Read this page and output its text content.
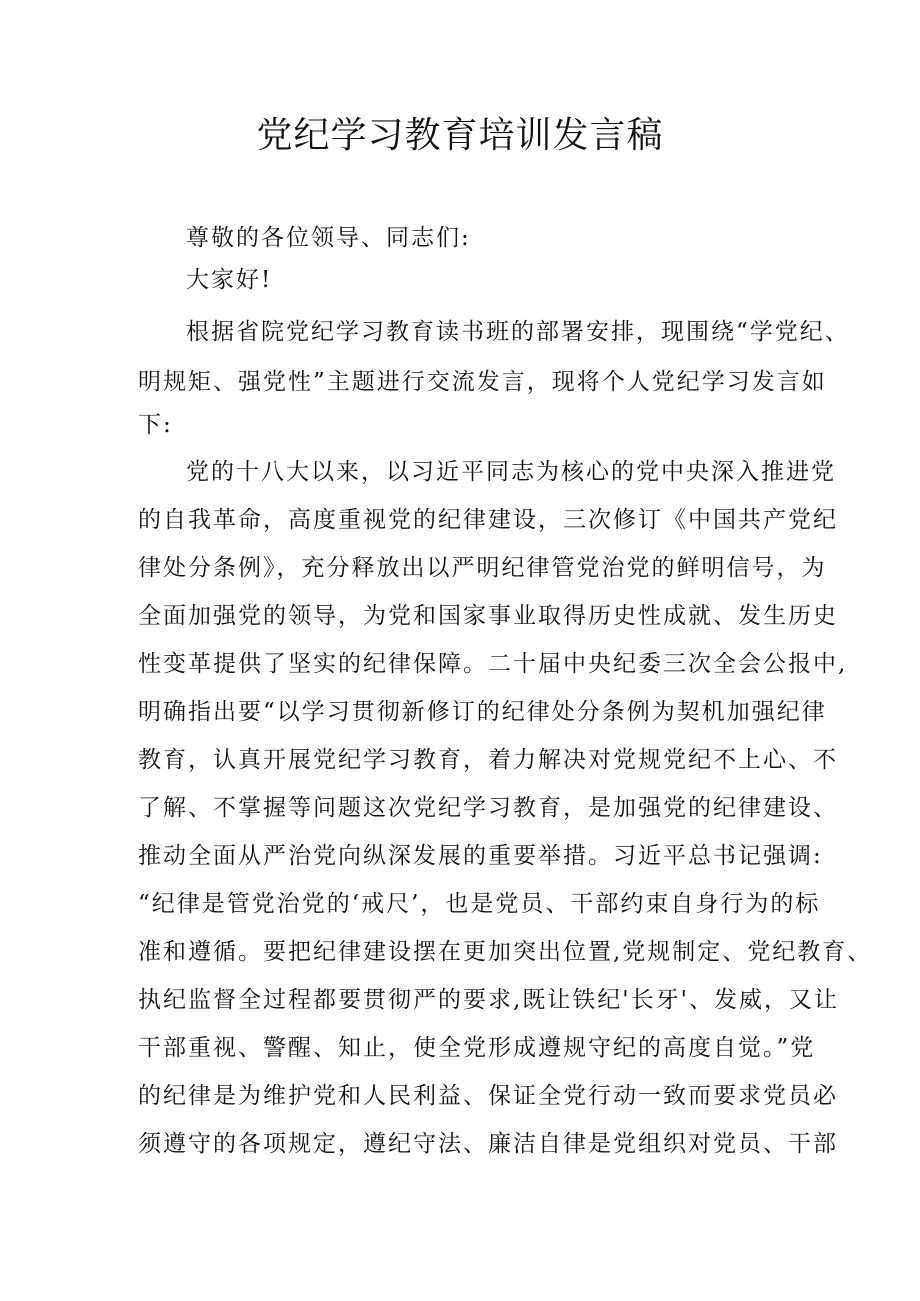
党纪学习教育培训发言稿
尊敬的各位领导、同志们:
大家好!
根据省院党纪学习教育读书班的部署安排，现围绕“学党纪、
明规矩、强党性”主题进行交流发言，现将个人党纪学习发言如
下:
党的十八大以来，以习近平同志为核心的党中央深入推进党
的自我革命，高度重视党的纪律建设，三次修订《中国共产党纪
律处分条例》，充分释放出以严明纪律管党治党的鲜明信号，为
全面加强党的领导，为党和国家事业取得历史性成就、发生历史
性变革提供了坚实的纪律保障。二十届中央纪委三次全会公报中,
明确指出要“以学习贯彻新修订的纪律处分条例为契机加强纪律
教育，认真开展党纪学习教育，着力解决对党规党纪不上心、不
了解、不掌握等问题这次党纪学习教育，是加强党的纪律建设、
推动全面从严治党向纵深发展的重要举措。习近平总书记强调:
“纪律是管党治党的‘戒尺’，也是党员、干部约束自身行为的标
准和遵循。要把纪律建设摆在更加突出位置,党规制定、党纪教育、
执纪监督全过程都要贯彻严的要求,既让铁纪'长牙'、发威，又让
干部重视、警醒、知止，使全党形成遵规守纪的高度自觉。”党
的纪律是为维护党和人民利益、保证全党行动一致而要求党员必
须遵守的各项规定，遵纪守法、廉洁自律是党组织对党员、干部
